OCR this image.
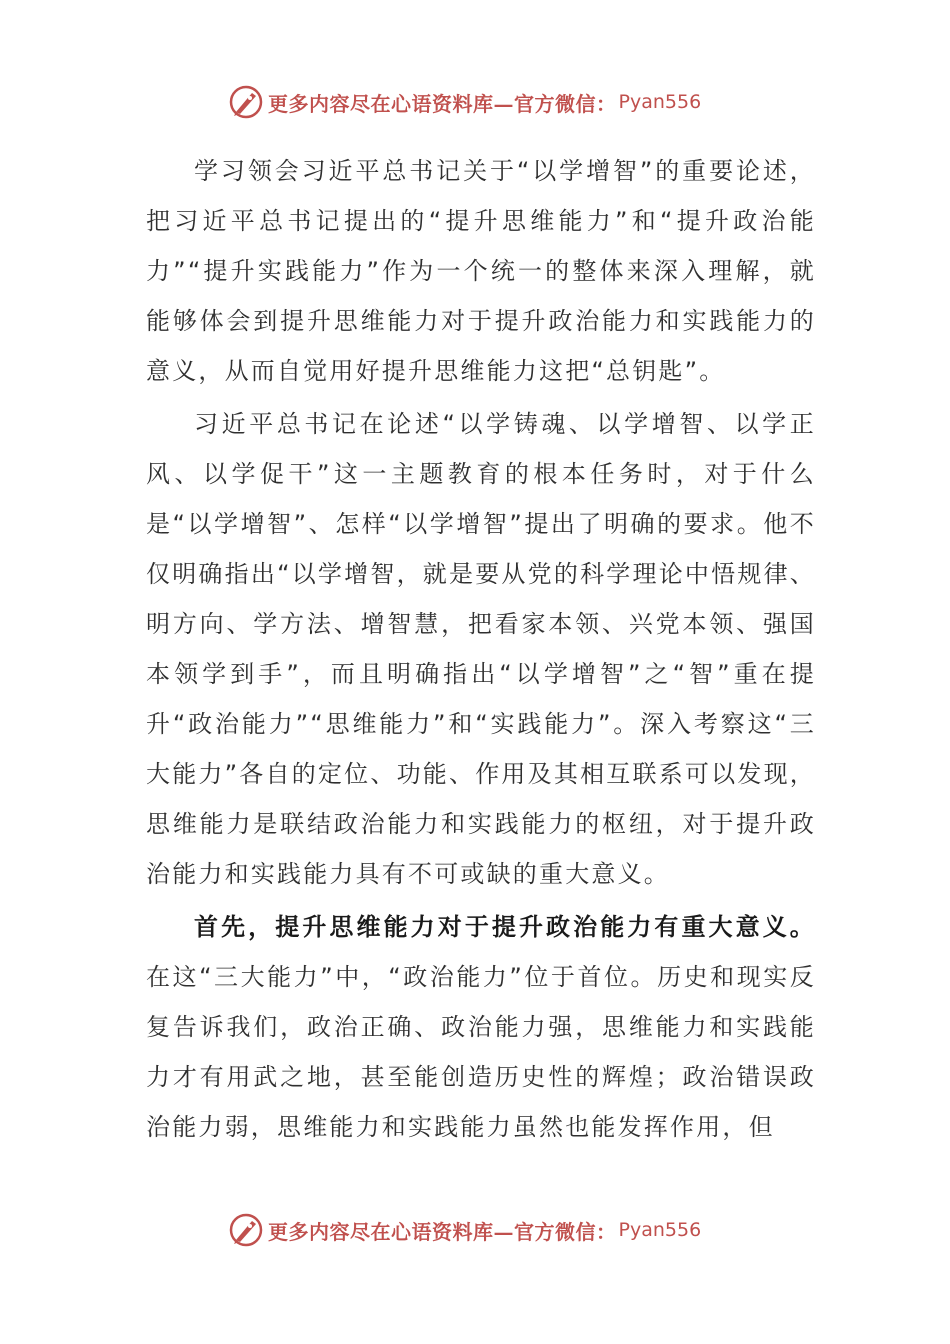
更多内容尽在心语资料库—官方微信： Pyan556

学习领会习近平总书记关于“以学增智”的重要论述，把习近平总书记提出的“提升思维能力”和“提升政治能力”“提升实践能力”作为一个统一的整体来深入理解，就能够体会到提升思维能力对于提升政治能力和实践能力的意义，从而自觉用好提升思维能力这把“总钥匙”。

习近平总书记在论述“以学铸魂、以学增智、以学正风、以学促干”这一主题教育的根本任务时，对于什么是“以学增智”、怎样“以学增智”提出了明确的要求。他不仅明确指出“以学增智，就是要从党的科学理论中悟规律、明方向、学方法、增智慧，把看家本领、兴党本领、强国本领学到手”，而且明确指出“以学增智”之“智”重在提升“政治能力”“思维能力”和“实践能力”。深入考察这“三大能力”各自的定位、功能、作用及其相互联系可以发现，思维能力是联结政治能力和实践能力的枢纽，对于提升政治能力和实践能力具有不可或缺的重大意义。

首先，提升思维能力对于提升政治能力有重大意义。在这“三大能力”中，“政治能力”位于首位。历史和现实反复告诉我们，政治正确、政治能力强，思维能力和实践能力才有用武之地，甚至能创造历史性的辉煌；政治错误政治能力弱，思维能力和实践能力虽然也能发挥作用，但

更多内容尽在心语资料库—官方微信： Pyan556
